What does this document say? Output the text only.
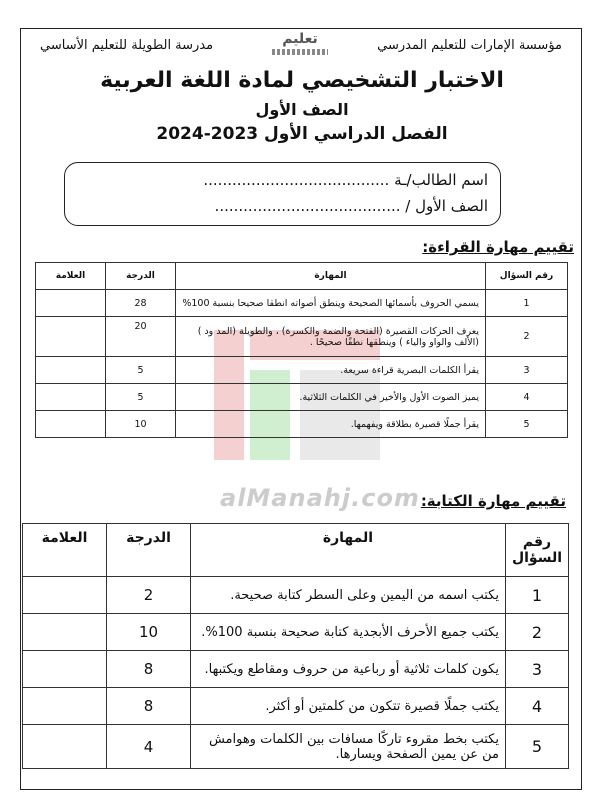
مؤسسة الإمارات للتعليم المدرسي
تعليم
مدرسة الطويلة للتعليم الأساسي
الاختبار التشخيصي لمادة اللغة العربية
الصف الأول
الفصل الدراسي الأول 2023-2024
اسم الطالب/ـة .......................................
الصف الأول / .......................................
alManahj.com
تقييم مهارة القراءة:
رقم السؤال	المهارة	الدرجة	العلامة
1	يسمي الحروف بأسمائها الصحيحة وينطق أصواته انطقا صحيحا بنسبة 100%	28	
2	يعرف الحركات القصيرة (الفتحة والضمة والكسرة) ، والطويلة (المد ود ) (الألف والواو والياء ) وينطقها نطقًا صحيحًا .	20	
3	يقرأ الكلمات البصرية قراءة سريعة.	5	
4	يميز الصوت الأول والأخير في الكلمات الثلاثية.	5	
5	يقرأ جملًا قصيرة بطلاقة ويفهمها.	10	
تقييم مهارة الكتابة:
رقم السؤال	المهارة	الدرجة	العلامة
1	يكتب اسمه من اليمين وعلى السطر كتابة صحيحة.	2	
2	يكتب جميع الأحرف الأبجدية كتابة صحيحة بنسبة 100%.	10	
3	يكون كلمات ثلاثية أو رباعية من حروف ومقاطع ويكتبها.	8	
4	يكتب جملًا قصيرة تتكون من كلمتين أو أكثر.	8	
5	يكتب بخط مقروء تاركًا مسافات بين الكلمات وهوامش من عن يمين الصفحة ويسارها.	4	
